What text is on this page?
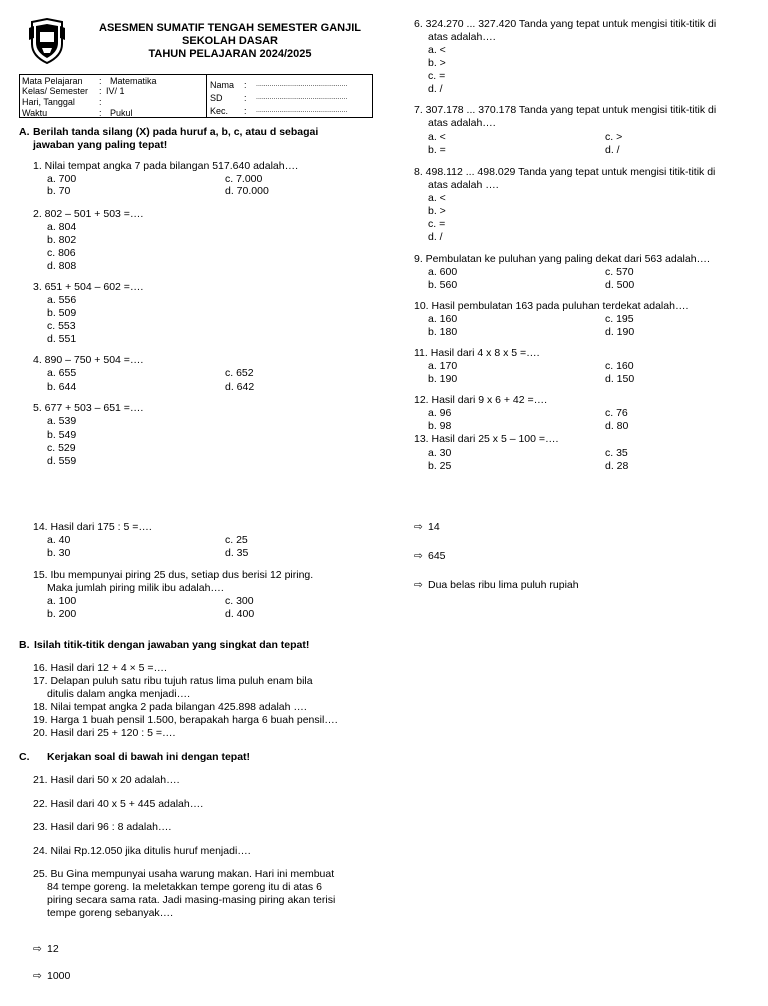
ASESMEN SUMATIF TENGAH SEMESTER GANJIL
SEKOLAH DASAR
TAHUN PELAJARAN 2024/2025
Mata Pelajaran : Matematika
Kelas/ Semester : IV/ 1
Hari, Tanggal	:
Waktu	: Pukul
Nama : ...............................................
SD : ...............................................
Kec. : ...............................................
A. Berilah tanda silang (X) pada huruf a, b, c, atau d sebagai
jawaban yang paling tepat!
1. Nilai tempat angka 7 pada bilangan 517.640 adalah….
a. 700	c. 7.000
b. 70	d. 70.000
2. 802 – 501 + 503 =….
a. 804
b. 802
c. 806
d. 808
3. 651 + 504 – 602 =….
a. 556
b. 509
c. 553
d. 551
4. 890 – 750 + 504 =….
a. 655	c. 652
b. 644	d. 642
5. 677 + 503 – 651 =….
a. 539
b. 549
c. 529
d. 559
6. 324.270 ... 327.420 Tanda yang tepat untuk mengisi titik-titik di
atas adalah….
a. <
b. >
c. =
d. /
7. 307.178 ... 370.178 Tanda yang tepat untuk mengisi titik-titik di
atas adalah….
a. <	c. >
b. =	d. /
8. 498.112 ... 498.029 Tanda yang tepat untuk mengisi titik-titik di
atas adalah ….
a. <
b. >
c. =
d. /
9. Pembulatan ke puluhan yang paling dekat dari 563 adalah….
a. 600	c. 570
b. 560	d. 500
10. Hasil pembulatan 163 pada puluhan terdekat adalah….
a. 160	c. 195
b. 180	d. 190
11. Hasil dari 4 x 8 x 5 =….
a. 170	c. 160
b. 190	d. 150
12. Hasil dari 9 x 6 + 42 =….
a. 96	c. 76
b. 98	d. 80
13. Hasil dari 25 x 5 – 100 =….
a. 30	c. 35
b. 25	d. 28
14. Hasil dari 175 : 5 =….
a. 40	c. 25
b. 30	d. 35
15. Ibu mempunyai piring 25 dus, setiap dus berisi 12 piring.
Maka jumlah piring milik ibu adalah….
a. 100	c. 300
b. 200	d. 400
B. Isilah titik-titik dengan jawaban yang singkat dan tepat!
16. Hasil dari 12 + 4 × 5 =….
17. Delapan puluh satu ribu tujuh ratus lima puluh enam bila
ditulis dalam angka menjadi….
18. Nilai tempat angka 2 pada bilangan 425.898 adalah ….
19. Harga 1 buah pensil 1.500, berapakah harga 6 buah pensil….
20. Hasil dari 25 + 120 : 5 =….
C. Kerjakan soal di bawah ini dengan tepat!
21. Hasil dari 50 x 20 adalah….
22. Hasil dari 40 x 5 + 445 adalah….
23. Hasil dari 96 : 8 adalah….
24. Nilai Rp.12.050 jika ditulis huruf menjadi….
25. Bu Gina mempunyai usaha warung makan. Hari ini membuat
84 tempe goreng. Ia meletakkan tempe goreng itu di atas 6
piring secara sama rata. Jadi masing-masing piring akan terisi
tempe goreng sebanyak….
⇨ 12
⇨ 1000
⇨ 14
⇨ 645
⇨ Dua belas ribu lima puluh rupiah
